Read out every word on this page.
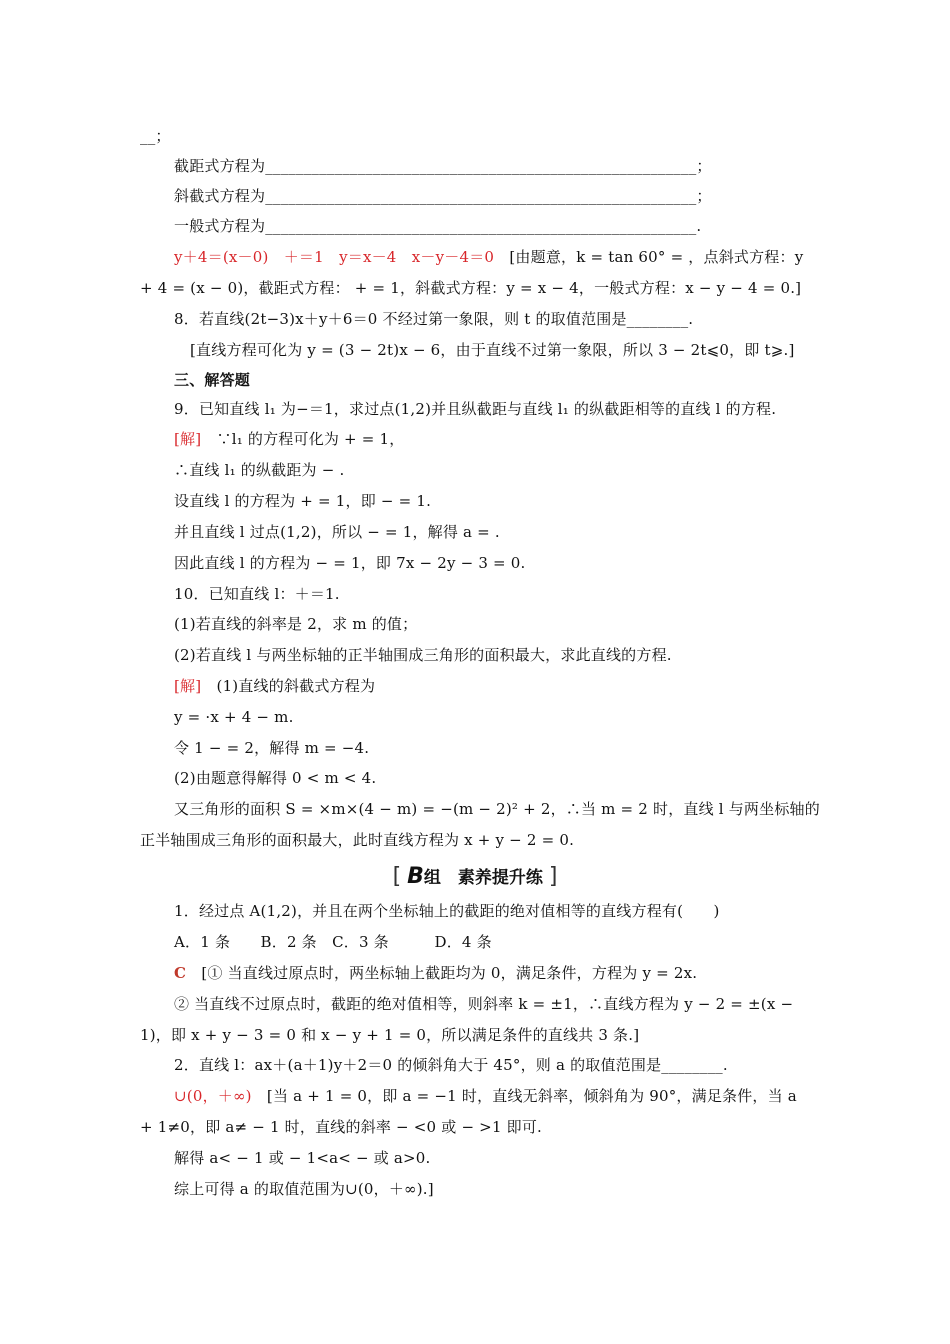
__；
截距式方程为________________________________________________________；
斜截式方程为________________________________________________________；
一般式方程为________________________________________________________.
y＋4＝(x－0)　＋＝1　y＝x－4　x－y－4＝0　[由题意，k = tan 60° = ，点斜式方程：y
+ 4 = (x − 0)，截距式方程： + = 1，斜截式方程：y = x − 4，一般式方程：x − y − 4 = 0.]
8．若直线(2t−3)x＋y＋6＝0 不经过第一象限，则 t 的取值范围是________.
[直线方程可化为 y = (3 − 2t)x − 6，由于直线不过第一象限，所以 3 − 2t⩽0，即 t⩾.]
三、解答题
9．已知直线 l₁ 为−＝1，求过点(1,2)并且纵截距与直线 l₁ 的纵截距相等的直线 l 的方程.
[解]　∵l₁ 的方程可化为 + = 1，
∴直线 l₁ 的纵截距为 − .
设直线 l 的方程为 + = 1，即 − = 1.
并且直线 l 过点(1,2)，所以 − = 1，解得 a = .
因此直线 l 的方程为 − = 1，即 7x − 2y − 3 = 0.
10．已知直线 l：＋＝1.
(1)若直线的斜率是 2，求 m 的值；
(2)若直线 l 与两坐标轴的正半轴围成三角形的面积最大，求此直线的方程.
[解]　(1)直线的斜截式方程为
y = ·x + 4 − m.
令 1 − = 2，解得 m = −4.
(2)由题意得解得 0 < m < 4.
又三角形的面积 S = ×m×(4 − m) = −(m − 2)² + 2，∴当 m = 2 时，直线 l 与两坐标轴的
正半轴围成三角形的面积最大，此时直线方程为 x + y − 2 = 0.
[ B组　素养提升练 ]
1．经过点 A(1,2)，并且在两个坐标轴上的截距的绝对值相等的直线方程有(　　)
A．1 条　　B．2 条　C．3 条　　　D．4 条
C　[① 当直线过原点时，两坐标轴上截距均为 0，满足条件，方程为 y = 2x.
② 当直线不过原点时，截距的绝对值相等，则斜率 k = ±1，∴直线方程为 y − 2 = ±(x −
1)，即 x + y − 3 = 0 和 x − y + 1 = 0，所以满足条件的直线共 3 条.]
2．直线 l：ax＋(a＋1)y＋2＝0 的倾斜角大于 45°，则 a 的取值范围是________.
∪(0，＋∞)　[当 a + 1 = 0，即 a = −1 时，直线无斜率，倾斜角为 90°，满足条件，当 a
+ 1≠0，即 a≠ − 1 时，直线的斜率 − <0 或 − >1 即可.
解得 a< − 1 或 − 1<a< − 或 a>0.
综上可得 a 的取值范围为∪(0，＋∞).]
